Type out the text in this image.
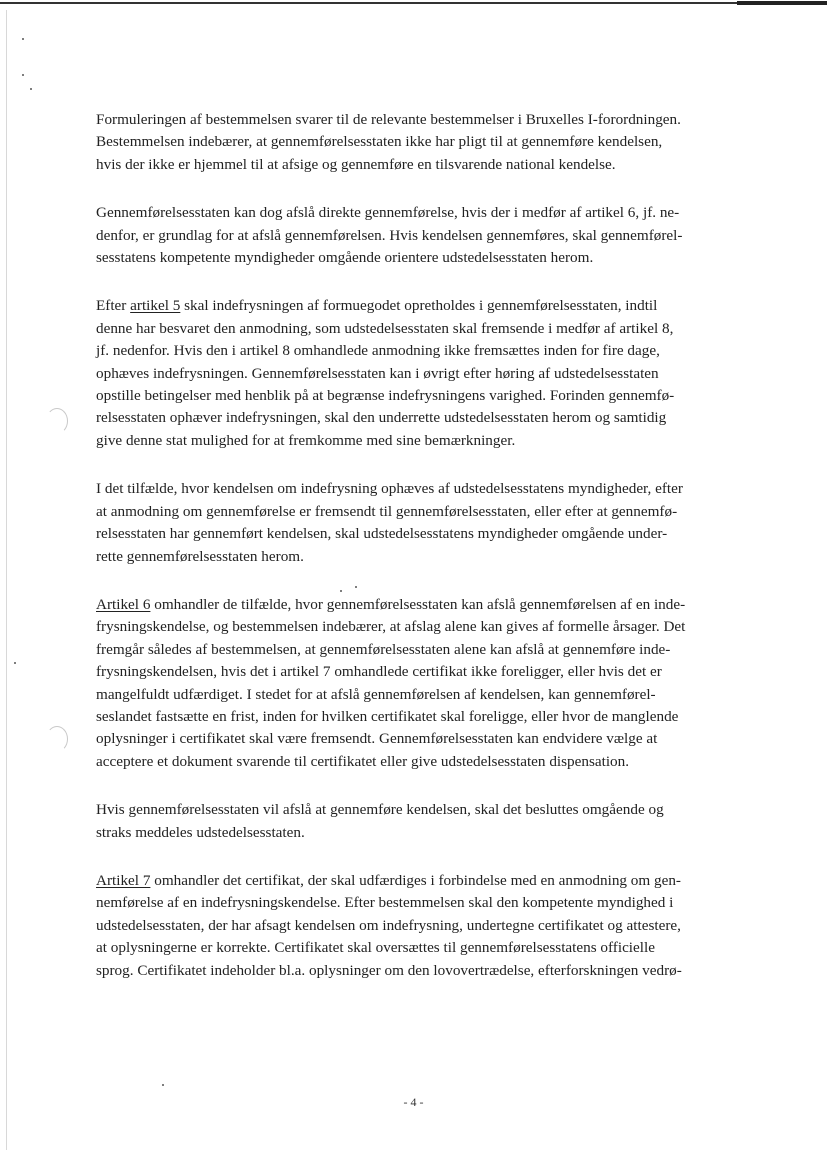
Formuleringen af bestemmelsen svarer til de relevante bestemmelser i Bruxelles I-forordningen.
Bestemmelsen indebærer, at gennemførelsesstaten ikke har pligt til at gennemføre kendelsen,
hvis der ikke er hjemmel til at afsige og gennemføre en tilsvarende national kendelse.

Gennemførelsesstaten kan dog afslå direkte gennemførelse, hvis der i medfør af artikel 6, jf. ne-
denfor, er grundlag for at afslå gennemførelsen. Hvis kendelsen gennemføres, skal gennemførel-
sesstatens kompetente myndigheder omgående orientere udstedelsesstaten herom.

Efter artikel 5 skal indefrysningen af formuegodet opretholdes i gennemførelsesstaten, indtil
denne har besvaret den anmodning, som udstedelsesstaten skal fremsende i medfør af artikel 8,
jf. nedenfor. Hvis den i artikel 8 omhandlede anmodning ikke fremsættes inden for fire dage,
ophæves indefrysningen. Gennemførelsesstaten kan i øvrigt efter høring af udstedelsesstaten
opstille betingelser med henblik på at begrænse indefrysningens varighed. Forinden gennemfø-
relsesstaten ophæver indefrysningen, skal den underrette udstedelsesstaten herom og samtidig
give denne stat mulighed for at fremkomme med sine bemærkninger.

I det tilfælde, hvor kendelsen om indefrysning ophæves af udstedelsesstatens myndigheder, efter
at anmodning om gennemførelse er fremsendt til gennemførelsesstaten, eller efter at gennemfø-
relsesstaten har gennemført kendelsen, skal udstedelsesstatens myndigheder omgående under-
rette gennemførelsesstaten herom.

Artikel 6 omhandler de tilfælde, hvor gennemførelsesstaten kan afslå gennemførelsen af en inde-
frysningskendelse, og bestemmelsen indebærer, at afslag alene kan gives af formelle årsager. Det
fremgår således af bestemmelsen, at gennemførelsesstaten alene kan afslå at gennemføre inde-
frysningskendelsen, hvis det i artikel 7 omhandlede certifikat ikke foreligger, eller hvis det er
mangelfuldt udfærdiget. I stedet for at afslå gennemførelsen af kendelsen, kan gennemførel-
seslandet fastsætte en frist, inden for hvilken certifikatet skal foreligge, eller hvor de manglende
oplysninger i certifikatet skal være fremsendt. Gennemførelsesstaten kan endvidere vælge at
acceptere et dokument svarende til certifikatet eller give udstedelsesstaten dispensation.

Hvis gennemførelsesstaten vil afslå at gennemføre kendelsen, skal det besluttes omgående og
straks meddeles udstedelsesstaten.

Artikel 7 omhandler det certifikat, der skal udfærdiges i forbindelse med en anmodning om gen-
nemførelse af en indefrysningskendelse. Efter bestemmelsen skal den kompetente myndighed i
udstedelsesstaten, der har afsagt kendelsen om indefrysning, undertegne certifikatet og attestere,
at oplysningerne er korrekte. Certifikatet skal oversættes til gennemførelsesstatens officielle
sprog. Certifikatet indeholder bl.a. oplysninger om den lovovertrædelse, efterforskningen vedrø-

- 4 -
